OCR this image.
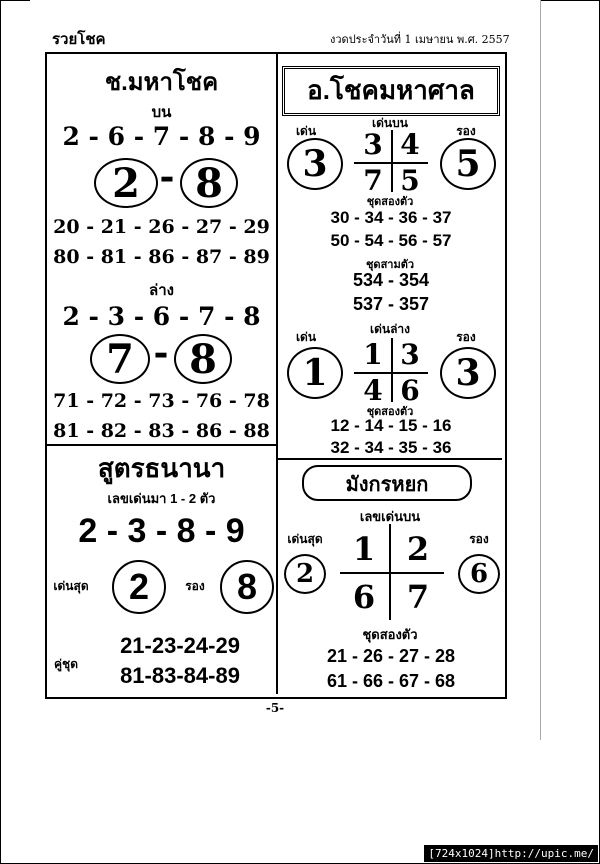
รวยโชค	งวดประจำวันที่ 1 เมษายน พ.ศ. 2557
ช.มหาโชค
บน
2 - 6 - 7 - 8 - 9
2 - 8
20 - 21 - 26 - 27 - 29
80 - 81 - 86 - 87 - 89
ล่าง
2 - 3 - 6 - 7 - 8
7 - 8
71 - 72 - 73 - 76 - 78
81 - 82 - 83 - 86 - 88
สูตรธนานา
เลขเด่นมา 1 - 2 ตัว
2 - 3 - 8 - 9
เด่นสุด 2	รอง 8
คู่ชุด
21-23-24-29
81-83-84-89
อ.โชคมหาศาล
เด่น
เด่นบน
รอง
3	5
3 4
7 5
ชุดสองตัว
30 - 34 - 36 - 37
50 - 54 - 56 - 57
ชุดสามตัว
534 - 354
537 - 357
เด่น
เด่นล่าง
รอง
1	3
1 3
4 6
ชุดสองตัว
12 - 14 - 15 - 16
32 - 34 - 35 - 36
มังกรหยก
เลขเด่นบน
เด่นสุด	รอง
2	6
1 2
6 7
ชุดสองตัว
21 - 26 - 27 - 28
61 - 66 - 67 - 68
-5-
[724x1024]http://upic.me/
